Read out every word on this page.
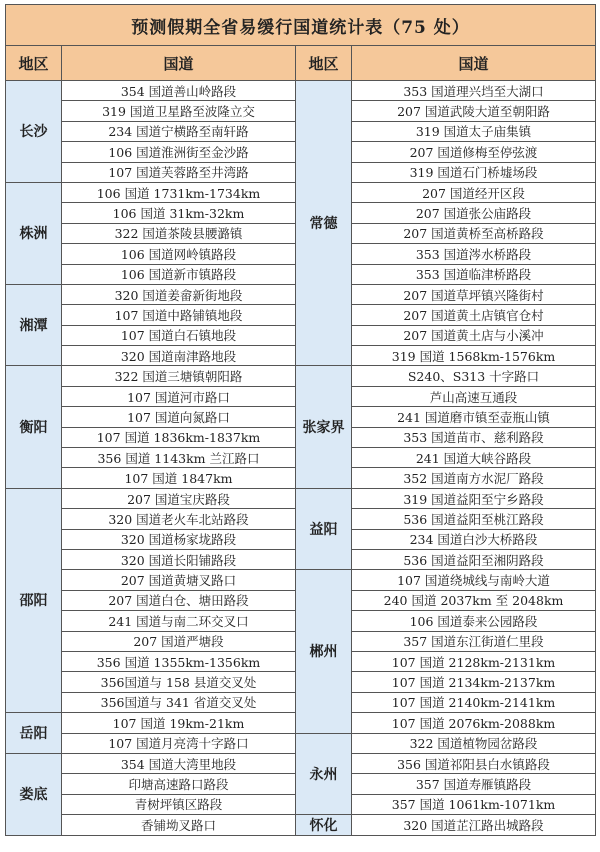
预测假期全省易缓行国道统计表（75 处）			
地区	国道	地区	国道
长沙	354 国道善山岭路段	常德	353 国道理兴垱至大湖口
	319 国道卫星路至波隆立交		207 国道武陵大道至朝阳路
	234 国道宁横路至南轩路		319 国道太子庙集镇
	106 国道淮洲街至金沙路		207 国道修梅至停弦渡
	107 国道芙蓉路至井湾路		319 国道石门桥墟场段
株洲	106 国道 1731km-1734km		207 国道经开区段
	106 国道 31km-32km		207 国道张公庙路段
	322 国道茶陵县腰潞镇		207 国道黄桥至高桥路段
	106 国道网岭镇路段		353 国道涔水桥路段
	106 国道新市镇路段		353 国道临津桥路段
湘潭	320 国道姜畲新街地段		207 国道草坪镇兴隆街村
	107 国道中路铺镇地段		207 国道黄土店镇官仓村
	107 国道白石镇地段		207 国道黄土店与小溪冲
	320 国道南津路地段		319 国道 1568km-1576km
衡阳	322 国道三塘镇朝阳路	张家界	S240、S313 十字路口
	107 国道河市路口		芦山高速互通段
	107 国道向氮路口		241 国道磨市镇至壶瓶山镇
	107 国道 1836km-1837km		353 国道苗市、慈利路段
	356 国道 1143km 兰江路口		241 国道大峡谷路段
	107 国道 1847km		352 国道南方水泥厂路段
邵阳	207 国道宝庆路段	益阳	319 国道益阳至宁乡路段
	320 国道老火车北站路段		536 国道益阳至桃江路段
	320 国道杨家垅路段		234 国道白沙大桥路段
	320 国道长阳铺路段		536 国道益阳至湘阴路段
	207 国道黄塘叉路口	郴州	107 国道绕城线与南岭大道
	207 国道白仓、塘田路段		240 国道 2037km 至 2048km
	241 国道与南二环交叉口		106 国道泰来公园路段
	207 国道严塘段		357 国道东江街道仁里段
	356 国道 1355km-1356km		107 国道 2128km-2131km
	356国道与 158 县道交叉处		107 国道 2134km-2137km
	356国道与 341 省道交叉处		107 国道 2140km-2141km
岳阳	107 国道 19km-21km		107 国道 2076km-2088km
	107 国道月亮湾十字路口	永州	322 国道植物园岔路段
娄底	354 国道大湾里地段		356 国道祁阳县白水镇路段
	印塘高速路口路段		357 国道寿雁镇路段
	青树坪镇区路段		357 国道 1061km-1071km
	香铺坳叉路口	怀化	320 国道芷江路出城路段
